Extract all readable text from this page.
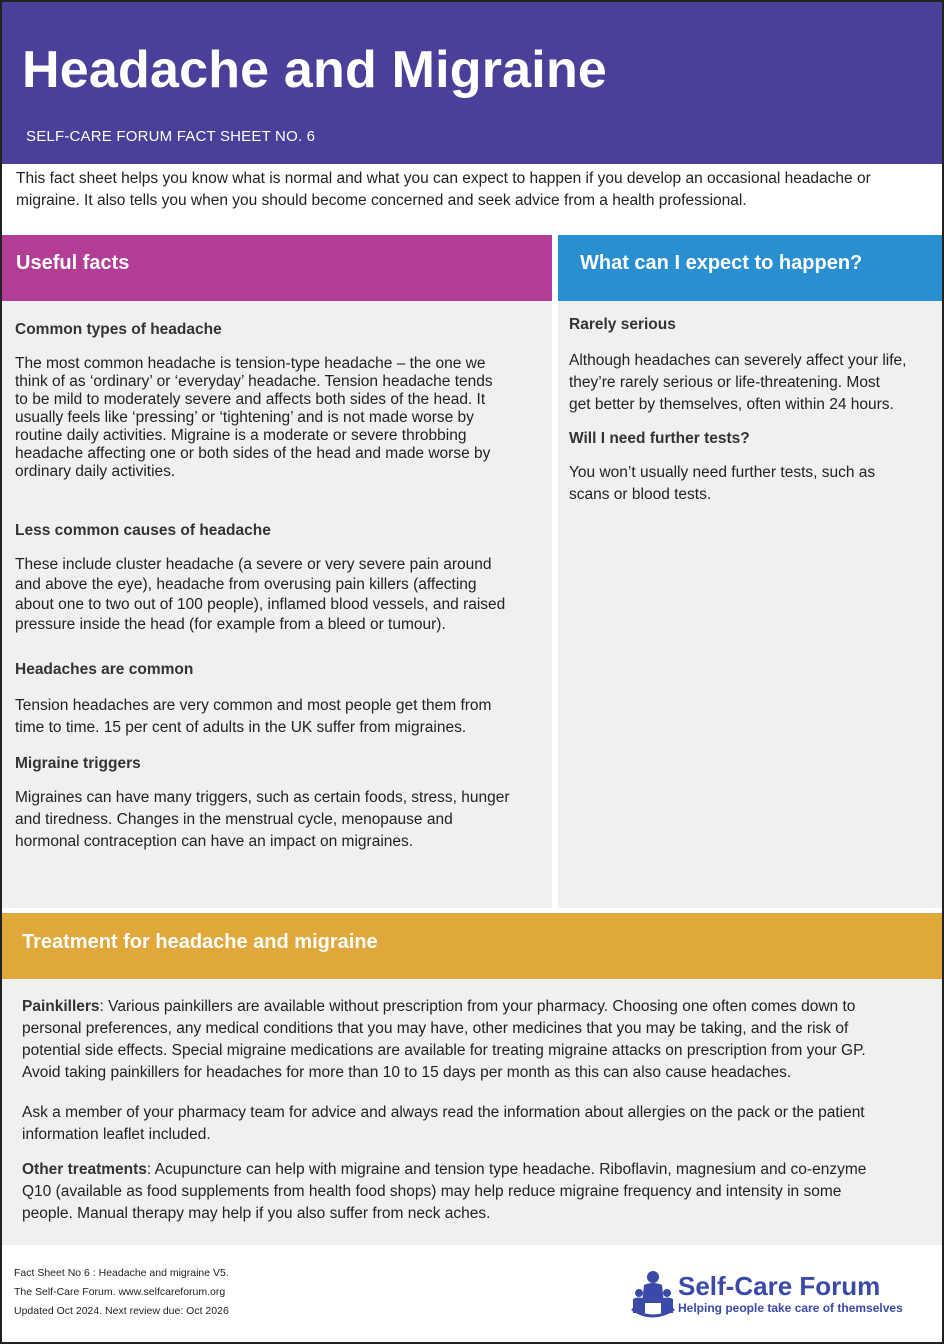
Headache and Migraine
SELF-CARE FORUM FACT SHEET NO. 6
This fact sheet helps you know what is normal and what you can expect to happen if you develop an occasional headache or
migraine. It also tells you when you should become concerned and seek advice from a health professional.
Useful facts
Common types of headache
The most common headache is tension-type headache – the one we
think of as ‘ordinary’ or ‘everyday’ headache. Tension headache tends
to be mild to moderately severe and affects both sides of the head. It
usually feels like ‘pressing’ or ‘tightening’ and is not made worse by
routine daily activities. Migraine is a moderate or severe throbbing
headache affecting one or both sides of the head and made worse by
ordinary daily activities.
Less common causes of headache
These include cluster headache (a severe or very severe pain around
and above the eye), headache from overusing pain killers (affecting
about one to two out of 100 people), inflamed blood vessels, and raised
pressure inside the head (for example from a bleed or tumour).
Headaches are common
Tension headaches are very common and most people get them from
time to time. 15 per cent of adults in the UK suffer from migraines.
Migraine triggers
Migraines can have many triggers, such as certain foods, stress, hunger
and tiredness. Changes in the menstrual cycle, menopause and
hormonal contraception can have an impact on migraines.
What can I expect to happen?
Rarely serious
Although headaches can severely affect your life,
they’re rarely serious or life-threatening. Most
get better by themselves, often within 24 hours.
Will I need further tests?
You won’t usually need further tests, such as
scans or blood tests.
Treatment for headache and migraine
Painkillers: Various painkillers are available without prescription from your pharmacy. Choosing one often comes down to
personal preferences, any medical conditions that you may have, other medicines that you may be taking, and the risk of
potential side effects. Special migraine medications are available for treating migraine attacks on prescription from your GP.
Avoid taking painkillers for headaches for more than 10 to 15 days per month as this can also cause headaches.
Ask a member of your pharmacy team for advice and always read the information about allergies on the pack or the patient
information leaflet included.
Other treatments: Acupuncture can help with migraine and tension type headache. Riboflavin, magnesium and co-enzyme
Q10 (available as food supplements from health food shops) may help reduce migraine frequency and intensity in some
people. Manual therapy may help if you also suffer from neck aches.
Fact Sheet No 6 : Headache and migraine V5.
The Self-Care Forum. www.selfcareforum.org
Updated Oct 2024. Next review due: Oct 2026
Self-Care Forum
Helping people take care of themselves
